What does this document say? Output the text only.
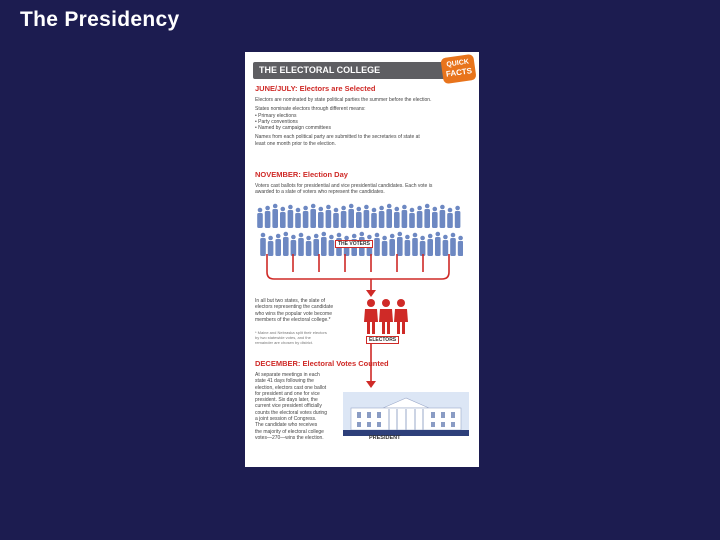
The Presidency
THE ELECTORAL COLLEGE
QUICK
FACTS
JUNE/JULY: Electors are Selected
Electors are nominated by state political parties the summer before the election.
States nominate electors through different means:
• Primary elections
• Party conventions
• Named by campaign committees
Names from each political party are submitted to the secretaries of state at
least one month prior to the election.
NOVEMBER: Election Day
Voters cast ballots for presidential and vice presidential candidates. Each vote is
awarded to a slate of voters who represent the candidates.
THE VOTERS
In all but two states, the slate of
electors representing the candidate
who wins the popular vote become
members of the electoral college.*
* Maine and Nebraska split their electors
by two statewide votes, and the
remainder are chosen by district.	ELECTORS
DECEMBER: Electoral Votes Counted
At separate meetings in each
state 41 days following the
election, electors cast one ballot
for president and one for vice
president. Six days later, the
current vice president officially
counts the electoral votes during
a joint session of Congress.
The candidate who receives
the majority of electoral college
votes—270—wins the election.	PRESIDENT
